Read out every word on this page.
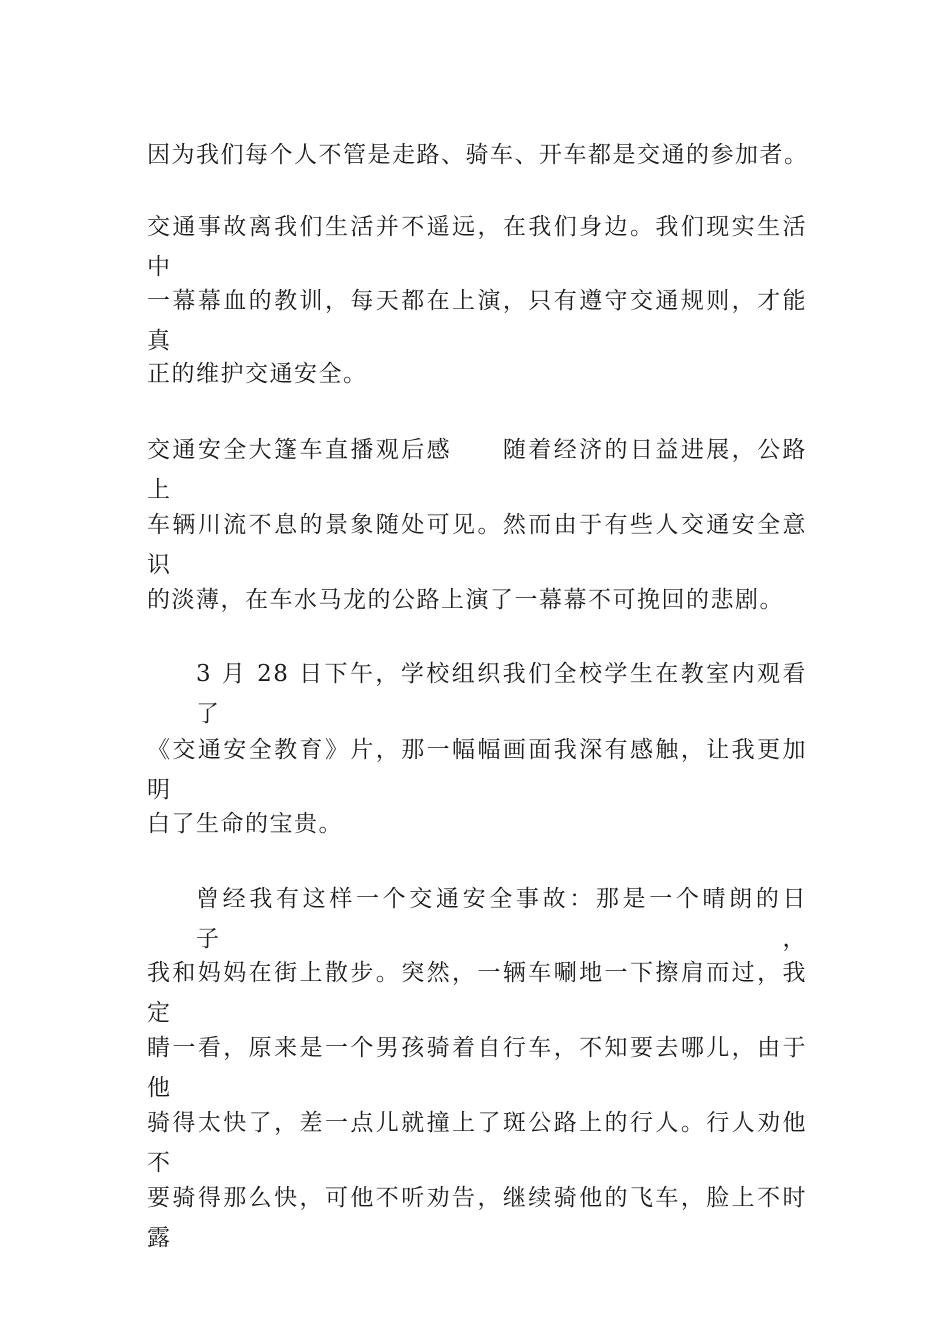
因为我们每个人不管是走路、骑车、开车都是交通的参加者。
交通事故离我们生活并不遥远，在我们身边。我们现实生活中
一幕幕血的教训，每天都在上演，只有遵守交通规则，才能真
正的维护交通安全。
交通安全大篷车直播观后感　　随着经济的日益进展，公路上
车辆川流不息的景象随处可见。然而由于有些人交通安全意识
的淡薄，在车水马龙的公路上演了一幕幕不可挽回的悲剧。
3 月 28 日下午，学校组织我们全校学生在教室内观看了
《交通安全教育》片，那一幅幅画面我深有感触，让我更加明
白了生命的宝贵。
曾经我有这样一个交通安全事故：那是一个晴朗的日子，
我和妈妈在街上散步。突然，一辆车唰地一下擦肩而过，我定
睛一看，原来是一个男孩骑着自行车，不知要去哪儿，由于他
骑得太快了，差一点儿就撞上了斑公路上的行人。行人劝他不
要骑得那么快，可他不听劝告，继续骑他的飞车，脸上不时露
